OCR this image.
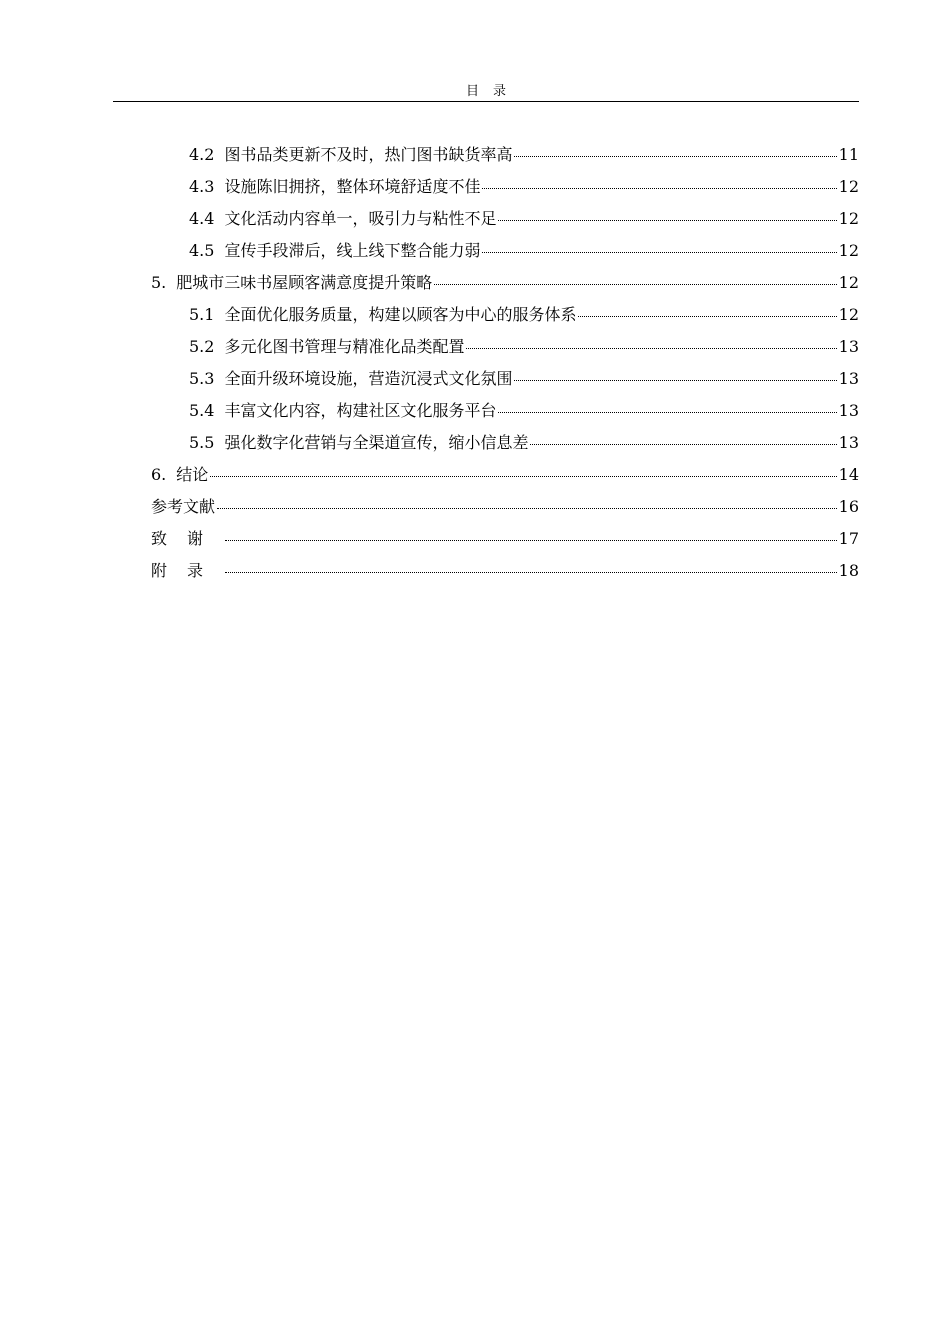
目录
4.2 图书品类更新不及时，热门图书缺货率高	11
4.3 设施陈旧拥挤，整体环境舒适度不佳	12
4.4 文化活动内容单一，吸引力与粘性不足	12
4.5 宣传手段滞后，线上线下整合能力弱	12
5. 肥城市三味书屋顾客满意度提升策略	12
5.1 全面优化服务质量，构建以顾客为中心的服务体系	12
5.2 多元化图书管理与精准化品类配置	13
5.3 全面升级环境设施，营造沉浸式文化氛围	13
5.4 丰富文化内容，构建社区文化服务平台	13
5.5 强化数字化营销与全渠道宣传，缩小信息差	13
6. 结论	14
参考文献	16
致谢	17
附录	18
